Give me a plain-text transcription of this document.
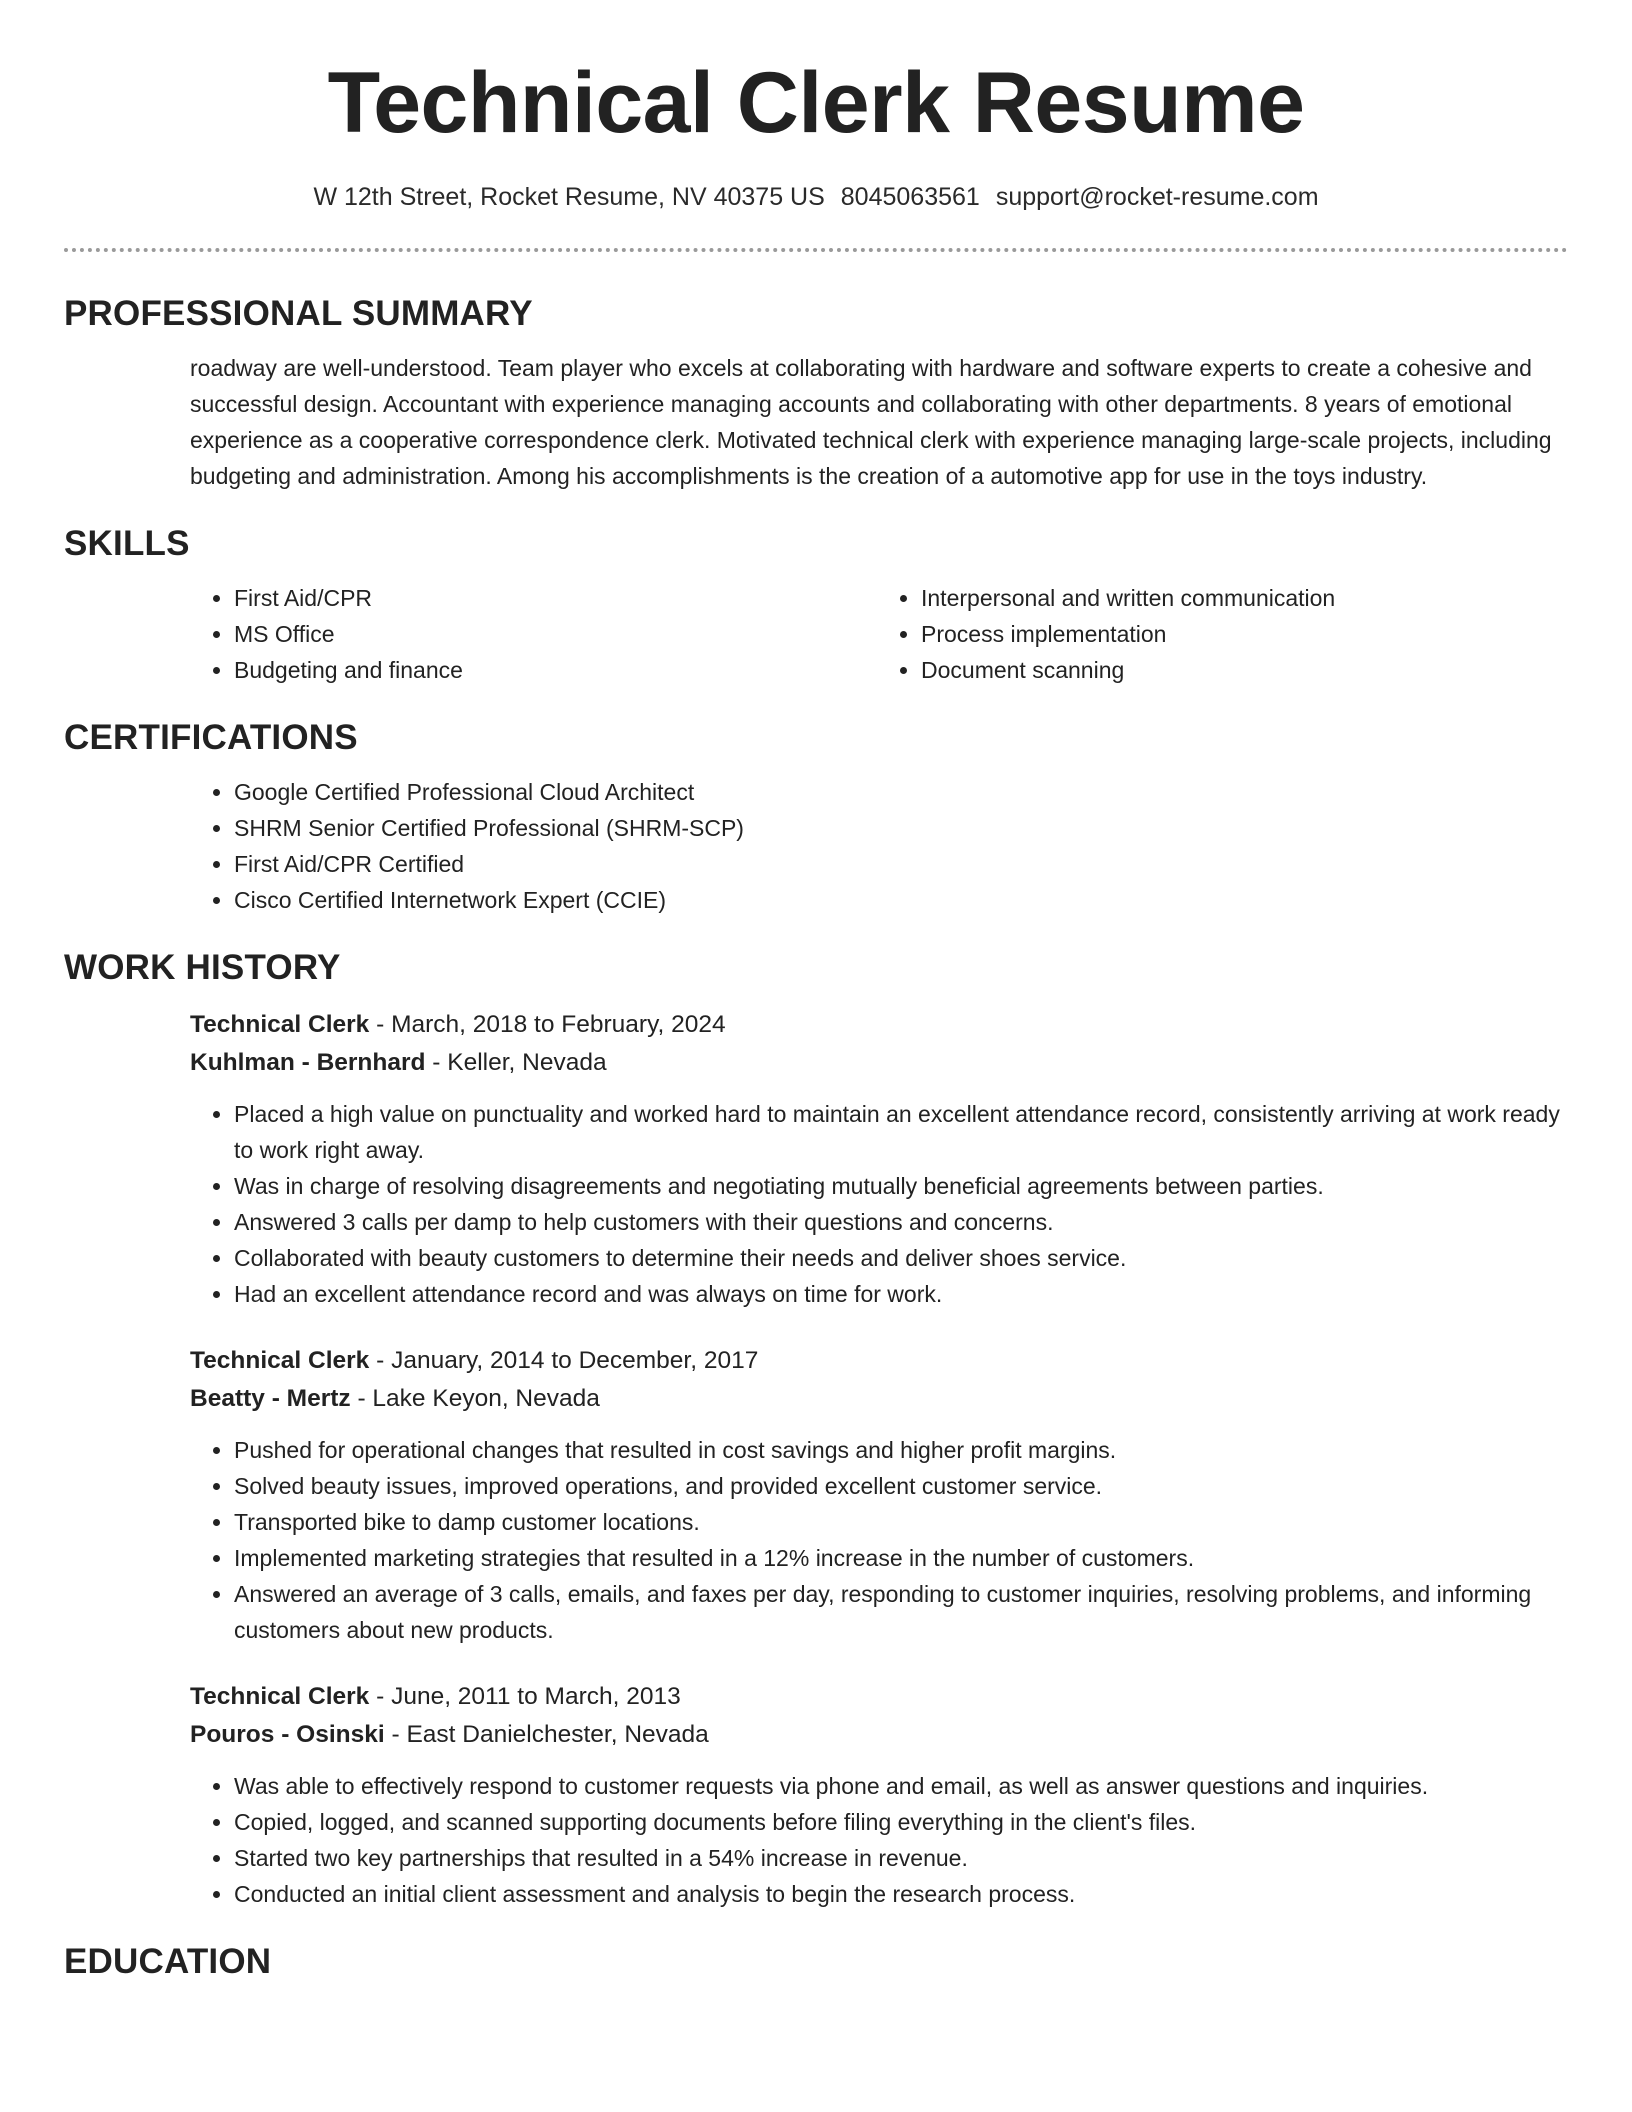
Technical Clerk Resume
W 12th Street, Rocket Resume, NV 40375 US 8045063561 support@rocket-resume.com
PROFESSIONAL SUMMARY

roadway are well-understood. Team player who excels at collaborating with hardware and software experts to create a cohesive and successful design. Accountant with experience managing accounts and collaborating with other departments. 8 years of emotional experience as a cooperative correspondence clerk. Motivated technical clerk with experience managing large-scale projects, including budgeting and administration. Among his accomplishments is the creation of a automotive app for use in the toys industry.

SKILLS
• First Aid/CPR
• MS Office
• Budgeting and finance
• Interpersonal and written communication
• Process implementation
• Document scanning
CERTIFICATIONS
• Google Certified Professional Cloud Architect
• SHRM Senior Certified Professional (SHRM-SCP)
• First Aid/CPR Certified
• Cisco Certified Internetwork Expert (CCIE)
WORK HISTORY
Technical Clerk - March, 2018 to February, 2024
Kuhlman - Bernhard - Keller, Nevada
• Placed a high value on punctuality and worked hard to maintain an excellent attendance record, consistently arriving at work ready to work right away.
• Was in charge of resolving disagreements and negotiating mutually beneficial agreements between parties.
• Answered 3 calls per damp to help customers with their questions and concerns.
• Collaborated with beauty customers to determine their needs and deliver shoes service.
• Had an excellent attendance record and was always on time for work.
Technical Clerk - January, 2014 to December, 2017
Beatty - Mertz - Lake Keyon, Nevada
• Pushed for operational changes that resulted in cost savings and higher profit margins.
• Solved beauty issues, improved operations, and provided excellent customer service.
• Transported bike to damp customer locations.
• Implemented marketing strategies that resulted in a 12% increase in the number of customers.
• Answered an average of 3 calls, emails, and faxes per day, responding to customer inquiries, resolving problems, and informing customers about new products.
Technical Clerk - June, 2011 to March, 2013
Pouros - Osinski - East Danielchester, Nevada
• Was able to effectively respond to customer requests via phone and email, as well as answer questions and inquiries.
• Copied, logged, and scanned supporting documents before filing everything in the client's files.
• Started two key partnerships that resulted in a 54% increase in revenue.
• Conducted an initial client assessment and analysis to begin the research process.
EDUCATION
